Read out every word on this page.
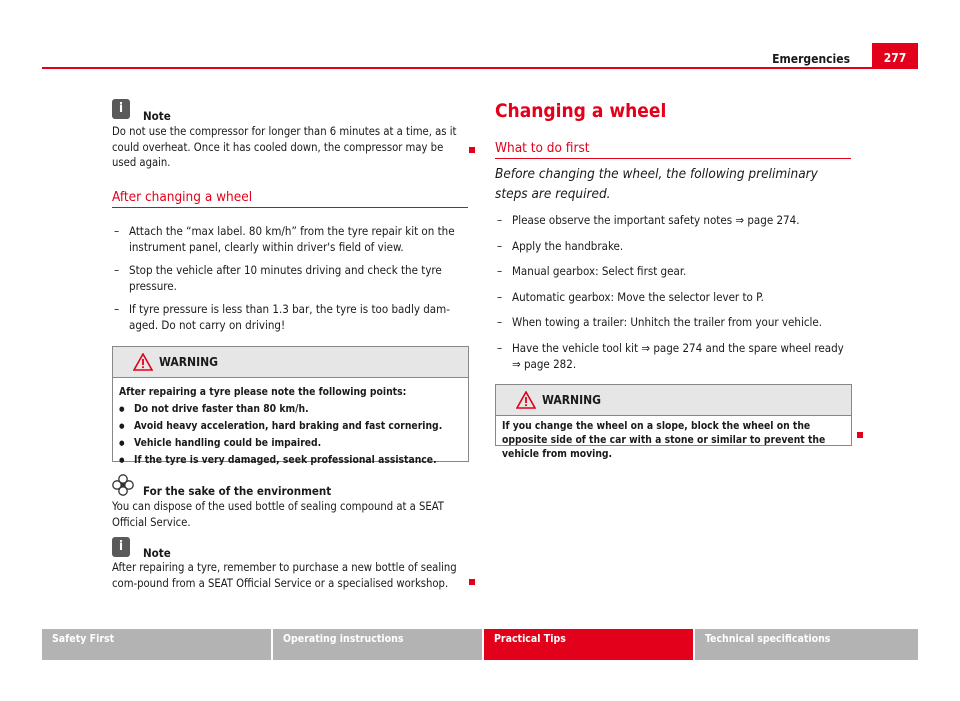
Emergencies	277
i	Note
Do not use the compressor for longer than 6 minutes at a time, as it could overheat. Once it has cooled down, the compressor may be used again.
After changing a wheel
– Attach the “max label. 80 km/h” from the tyre repair kit on the instrument panel, clearly within driver's field of view.
– Stop the vehicle after 10 minutes driving and check the tyre pressure.
– If tyre pressure is less than 1.3 bar, the tyre is too badly dam-aged. Do not carry on driving!
WARNING
After repairing a tyre please note the following points:
● Do not drive faster than 80 km/h.
● Avoid heavy acceleration, hard braking and fast cornering.
● Vehicle handling could be impaired.
● If the tyre is very damaged, seek professional assistance.
For the sake of the environment
You can dispose of the used bottle of sealing compound at a SEAT Official Service.
i	Note
After repairing a tyre, remember to purchase a new bottle of sealing com-pound from a SEAT Official Service or a specialised workshop.
Changing a wheel
What to do first
Before changing the wheel, the following preliminary steps are required.
– Please observe the important safety notes ⇒ page 274.
– Apply the handbrake.
– Manual gearbox: Select first gear.
– Automatic gearbox: Move the selector lever to P.
– When towing a trailer: Unhitch the trailer from your vehicle.
– Have the vehicle tool kit ⇒ page 274 and the spare wheel ready ⇒ page 282.
WARNING
If you change the wheel on a slope, block the wheel on the opposite side of the car with a stone or similar to prevent the vehicle from moving.
Safety First	Operating instructions	Practical Tips	Technical specifications
